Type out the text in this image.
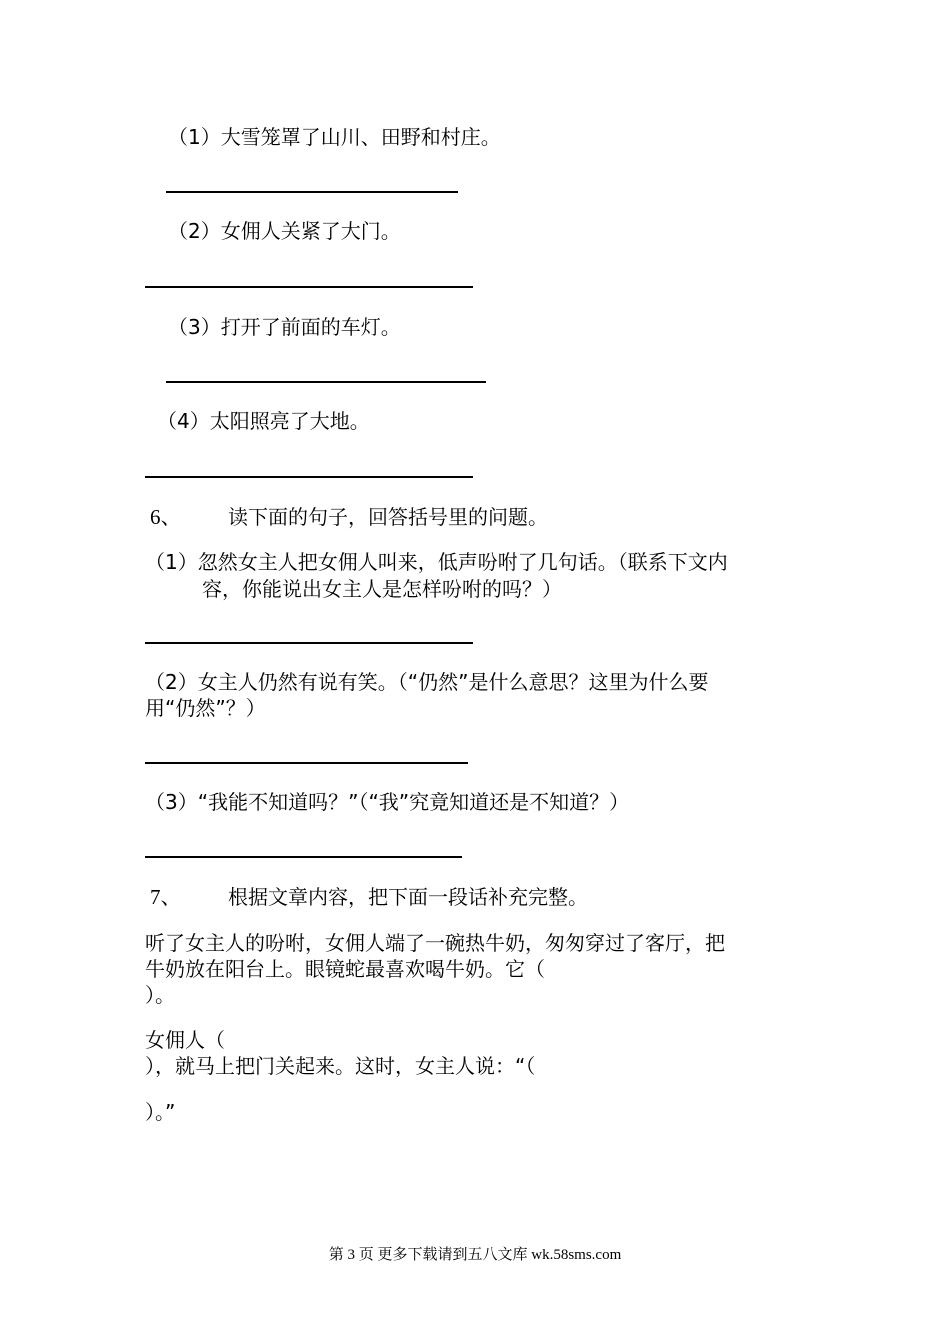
（1）大雪笼罩了山川、田野和村庄。
（2）女佣人关紧了大门。
（3）打开了前面的车灯。
（4）太阳照亮了大地。
6、 读下面的句子，回答括号里的问题。
（1）忽然女主人把女佣人叫来，低声吩咐了几句话。（联系下文内
容，你能说出女主人是怎样吩咐的吗？）
（2）女主人仍然有说有笑。（“仍然”是什么意思？这里为什么要
用“仍然”？）
（3）“我能不知道吗？”（“我”究竟知道还是不知道？）
7、 根据文章内容，把下面一段话补充完整。
听了女主人的吩咐，女佣人端了一碗热牛奶，匆匆穿过了客厅，把
牛奶放在阳台上。眼镜蛇最喜欢喝牛奶。它（
）。
女佣人（
），就马上把门关起来。这时，女主人说：“（
）。”
第 3 页 更多下载请到五八文库 wk.58sms.com
